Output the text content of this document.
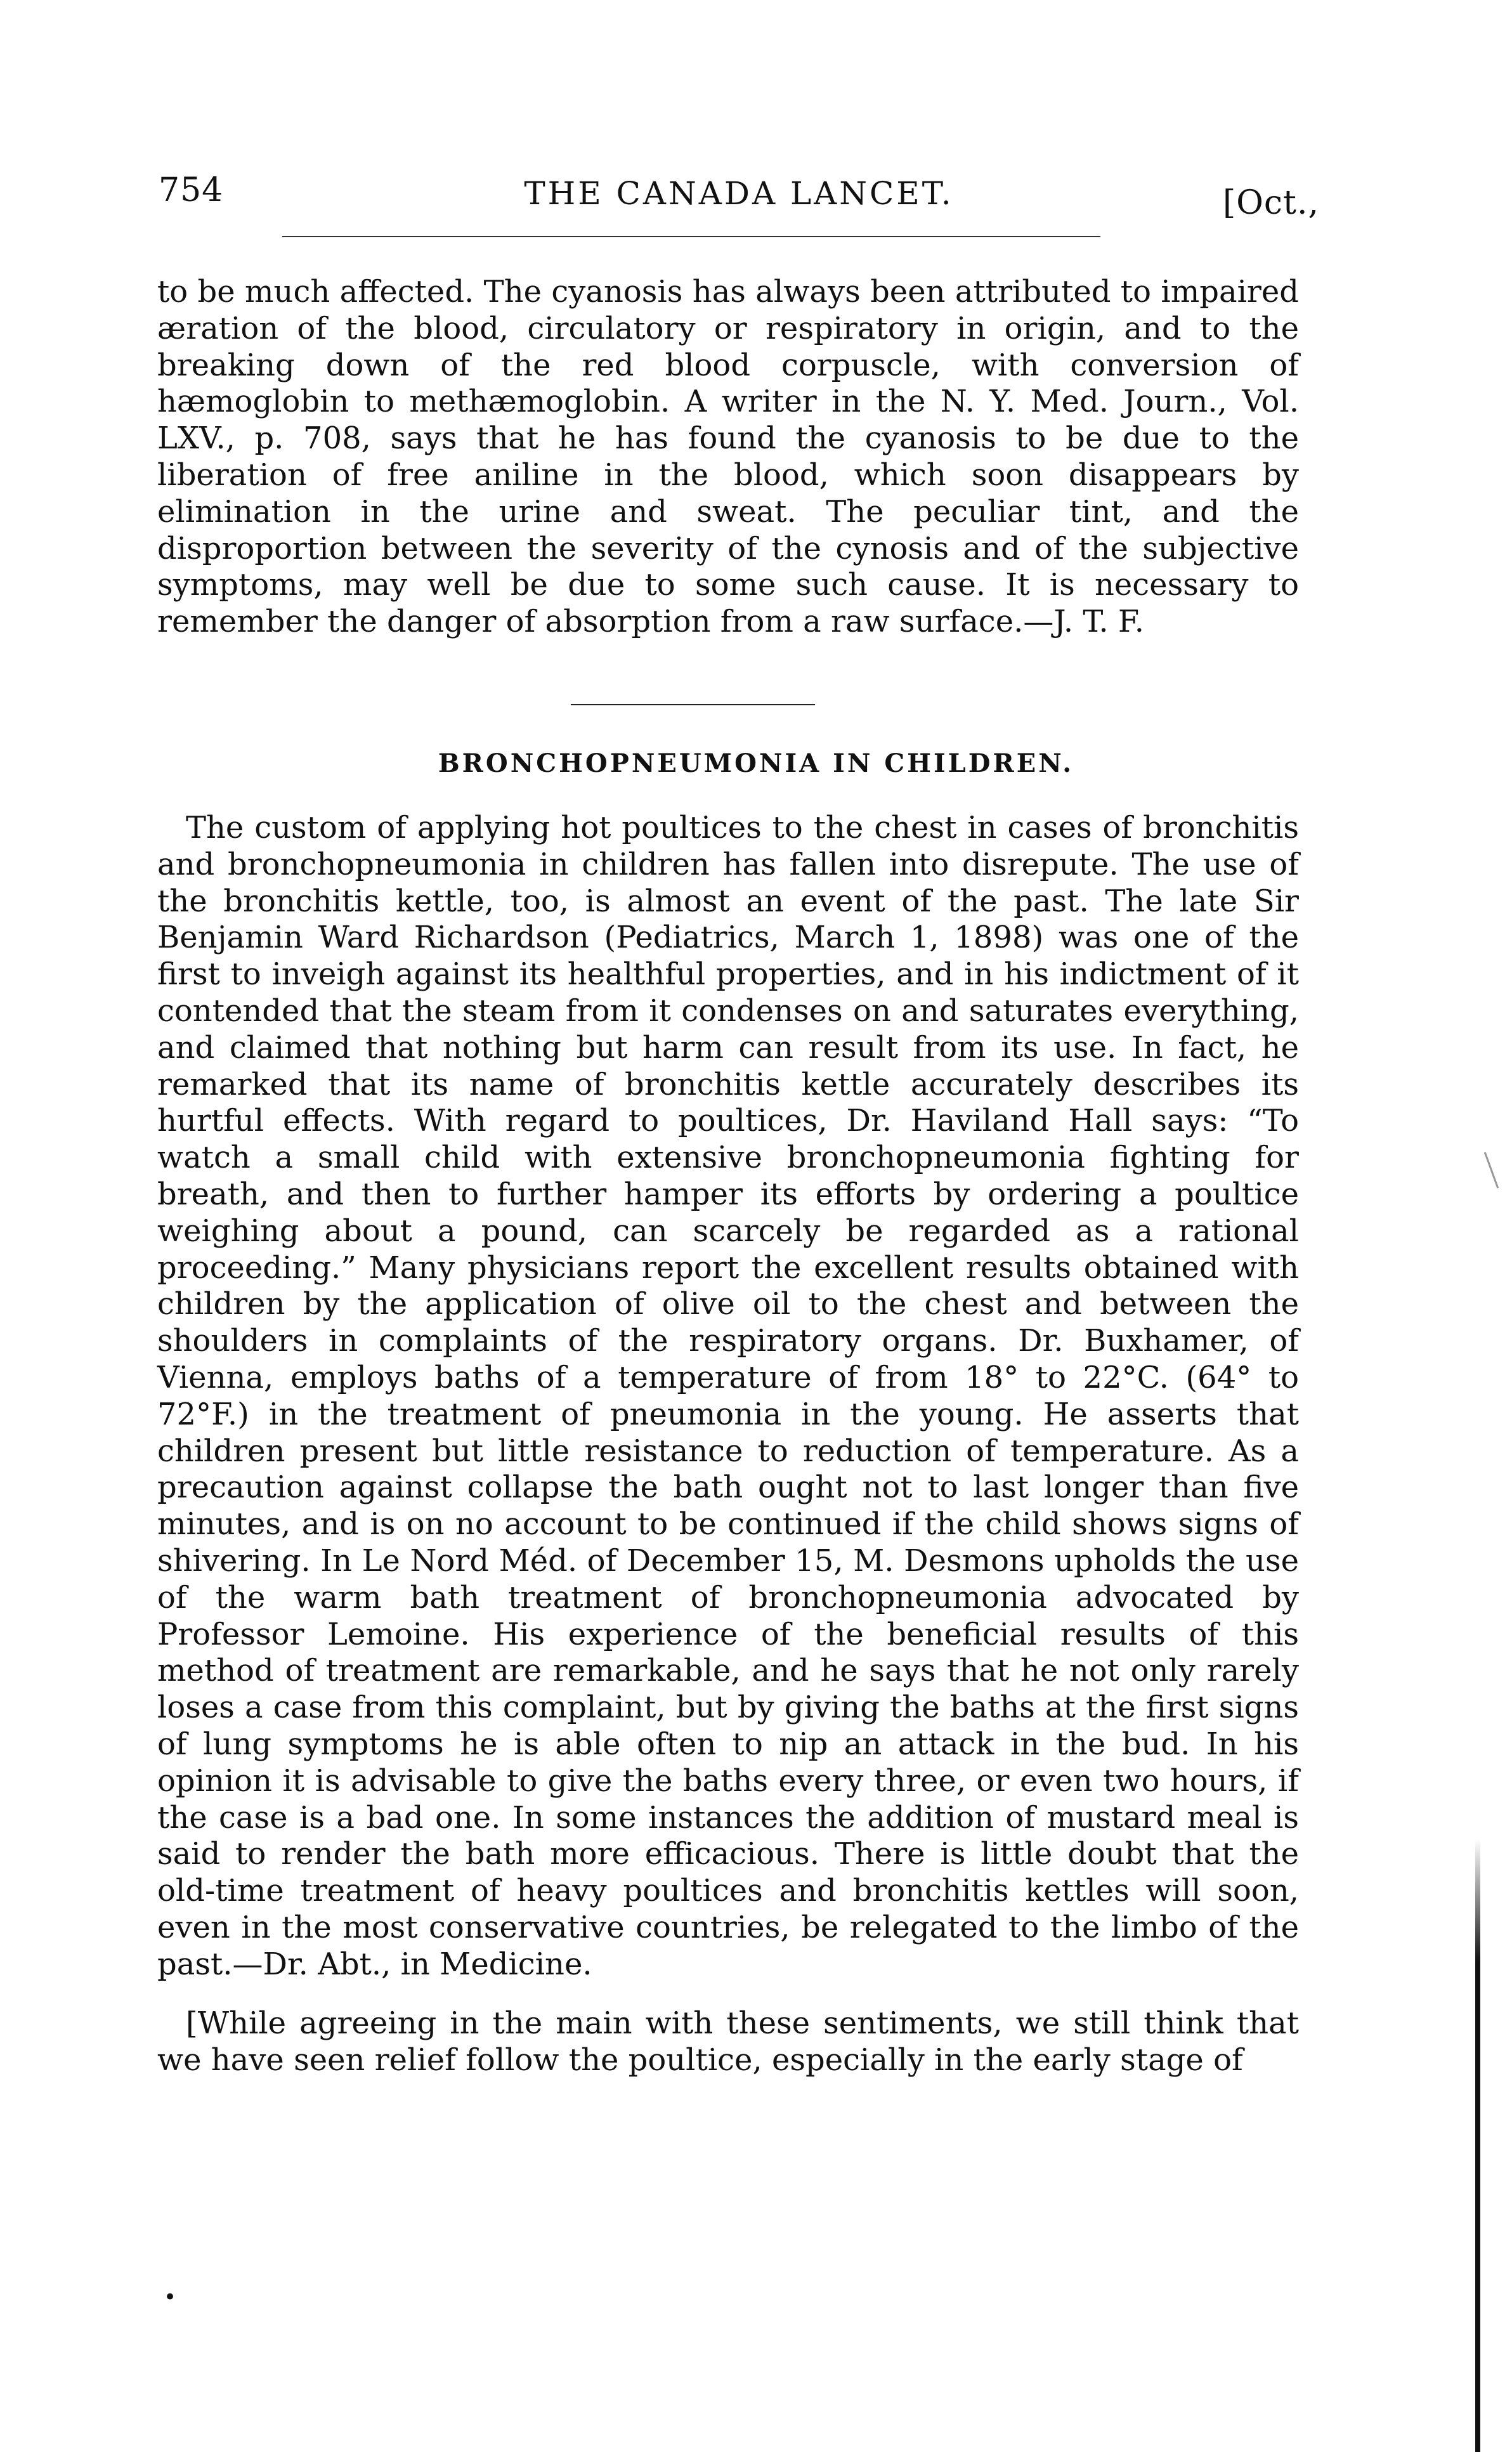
754	THE CANADA LANCET.	[Oct.,

to be much affected. The cyanosis has always been attributed to impaired æration of the blood, circulatory or respiratory in origin, and to the breaking down of the red blood corpuscle, with conversion of hæmoglobin to methæmoglobin. A writer in the N. Y. Med. Journ., Vol. LXV., p. 708, says that he has found the cyanosis to be due to the liberation of free aniline in the blood, which soon disappears by elimination in the urine and sweat. The peculiar tint, and the disproportion between the severity of the cynosis and of the subjective symptoms, may well be due to some such cause. It is necessary to remember the danger of absorption from a raw surface.—J. T. F.

BRONCHOPNEUMONIA IN CHILDREN.

The custom of applying hot poultices to the chest in cases of bronchitis and bronchopneumonia in children has fallen into disrepute. The use of the bronchitis kettle, too, is almost an event of the past. The late Sir Benjamin Ward Richardson (Pediatrics, March 1, 1898) was one of the first to inveigh against its healthful properties, and in his indictment of it contended that the steam from it condenses on and saturates everything, and claimed that nothing but harm can result from its use. In fact, he remarked that its name of bronchitis kettle accurately describes its hurtful effects. With regard to poultices, Dr. Haviland Hall says: “To watch a small child with extensive bronchopneumonia fighting for breath, and then to further hamper its efforts by ordering a poultice weighing about a pound, can scarcely be regarded as a rational proceeding.” Many physicians report the excellent results obtained with children by the application of olive oil to the chest and between the shoulders in complaints of the respiratory organs. Dr. Buxhamer, of Vienna, employs baths of a temperature of from 18° to 22°C. (64° to 72°F.) in the treatment of pneumonia in the young. He asserts that children present but little resistance to reduction of temperature. As a precaution against collapse the bath ought not to last longer than five minutes, and is on no account to be continued if the child shows signs of shivering. In Le Nord Méd. of December 15, M. Desmons upholds the use of the warm bath treatment of bronchopneumonia advocated by Professor Lemoine. His experience of the beneficial results of this method of treatment are remarkable, and he says that he not only rarely loses a case from this complaint, but by giving the baths at the first signs of lung symptoms he is able often to nip an attack in the bud. In his opinion it is advisable to give the baths every three, or even two hours, if the case is a bad one. In some instances the addition of mustard meal is said to render the bath more efficacious. There is little doubt that the old-time treatment of heavy poultices and bronchitis kettles will soon, even in the most conservative countries, be relegated to the limbo of the past.—Dr. Abt., in Medicine.

[While agreeing in the main with these sentiments, we still think that we have seen relief follow the poultice, especially in the early stage of

•
